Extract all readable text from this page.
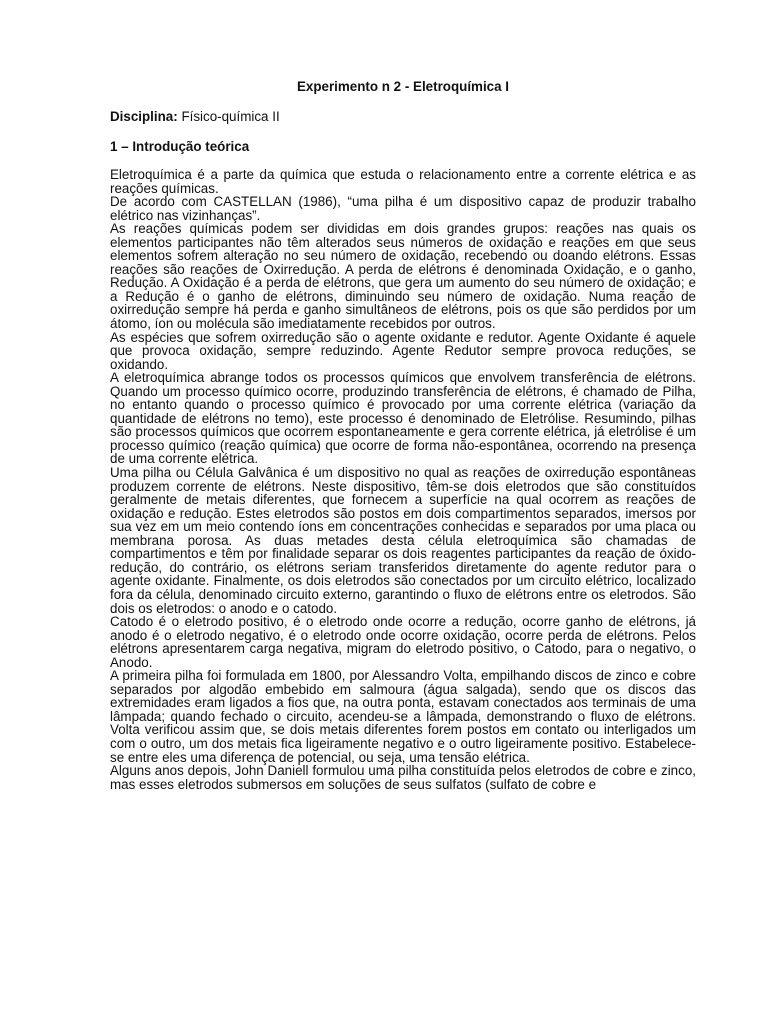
Experimento n 2 - Eletroquímica I
Disciplina: Físico-química II
1 – Introdução teórica

Eletroquímica é a parte da química que estuda o relacionamento entre a corrente elétrica e as reações químicas.

De acordo com CASTELLAN (1986), “uma pilha é um dispositivo capaz de produzir trabalho elétrico nas vizinhanças”.

As reações químicas podem ser divididas em dois grandes grupos: reações nas quais os elementos participantes não têm alterados seus números de oxidação e reações em que seus elementos sofrem alteração no seu número de oxidação, recebendo ou doando elétrons. Essas reações são reações de Oxirredução. A perda de elétrons é denominada Oxidação, e o ganho, Redução. A Oxidação é a perda de elétrons, que gera um aumento do seu número de oxidação; e a Redução é o ganho de elétrons, diminuindo seu número de oxidação. Numa reação de oxirredução sempre há perda e ganho simultâneos de elétrons, pois os que são perdidos por um átomo, íon ou molécula são imediatamente recebidos por outros.

As espécies que sofrem oxirredução são o agente oxidante e redutor. Agente Oxidante é aquele que provoca oxidação, sempre reduzindo. Agente Redutor sempre provoca reduções, se oxidando.

A eletroquímica abrange todos os processos químicos que envolvem transferência de elétrons. Quando um processo químico ocorre, produzindo transferência de elétrons, é chamado de Pilha, no entanto quando o processo químico é provocado por uma corrente elétrica (variação da quantidade de elétrons no temo), este processo é denominado de Eletrólise. Resumindo, pilhas são processos químicos que ocorrem espontaneamente e gera corrente elétrica, já eletrólise é um processo químico (reação química) que ocorre de forma não-espontânea, ocorrendo na presença de uma corrente elétrica.

Uma pilha ou Célula Galvânica é um dispositivo no qual as reações de oxirredução espontâneas produzem corrente de elétrons. Neste dispositivo, têm-se dois eletrodos que são constituídos geralmente de metais diferentes, que fornecem a superfície na qual ocorrem as reações de oxidação e redução. Estes eletrodos são postos em dois compartimentos separados, imersos por sua vez em um meio contendo íons em concentrações conhecidas e separados por uma placa ou membrana porosa. As duas metades desta célula eletroquímica são chamadas de compartimentos e têm por finalidade separar os dois reagentes participantes da reação de óxido-redução, do contrário, os elétrons seriam transferidos diretamente do agente redutor para o agente oxidante. Finalmente, os dois eletrodos são conectados por um circuito elétrico, localizado fora da célula, denominado circuito externo, garantindo o fluxo de elétrons entre os eletrodos. São dois os eletrodos: o anodo e o catodo.

Catodo é o eletrodo positivo, é o eletrodo onde ocorre a redução, ocorre ganho de elétrons, já anodo é o eletrodo negativo, é o eletrodo onde ocorre oxidação, ocorre perda de elétrons. Pelos elétrons apresentarem carga negativa, migram do eletrodo positivo, o Catodo, para o negativo, o Anodo.

A primeira pilha foi formulada em 1800, por Alessandro Volta, empilhando discos de zinco e cobre separados por algodão embebido em salmoura (água salgada), sendo que os discos das extremidades eram ligados a fios que, na outra ponta, estavam conectados aos terminais de uma lâmpada; quando fechado o circuito, acendeu-se a lâmpada, demonstrando o fluxo de elétrons. Volta verificou assim que, se dois metais diferentes forem postos em contato ou interligados um com o outro, um dos metais fica ligeiramente negativo e o outro ligeiramente positivo. Estabelece-se entre eles uma diferença de potencial, ou seja, uma tensão elétrica.

Alguns anos depois, John Daniell formulou uma pilha constituída pelos eletrodos de cobre e zinco, mas esses eletrodos submersos em soluções de seus sulfatos (sulfato de cobre e
